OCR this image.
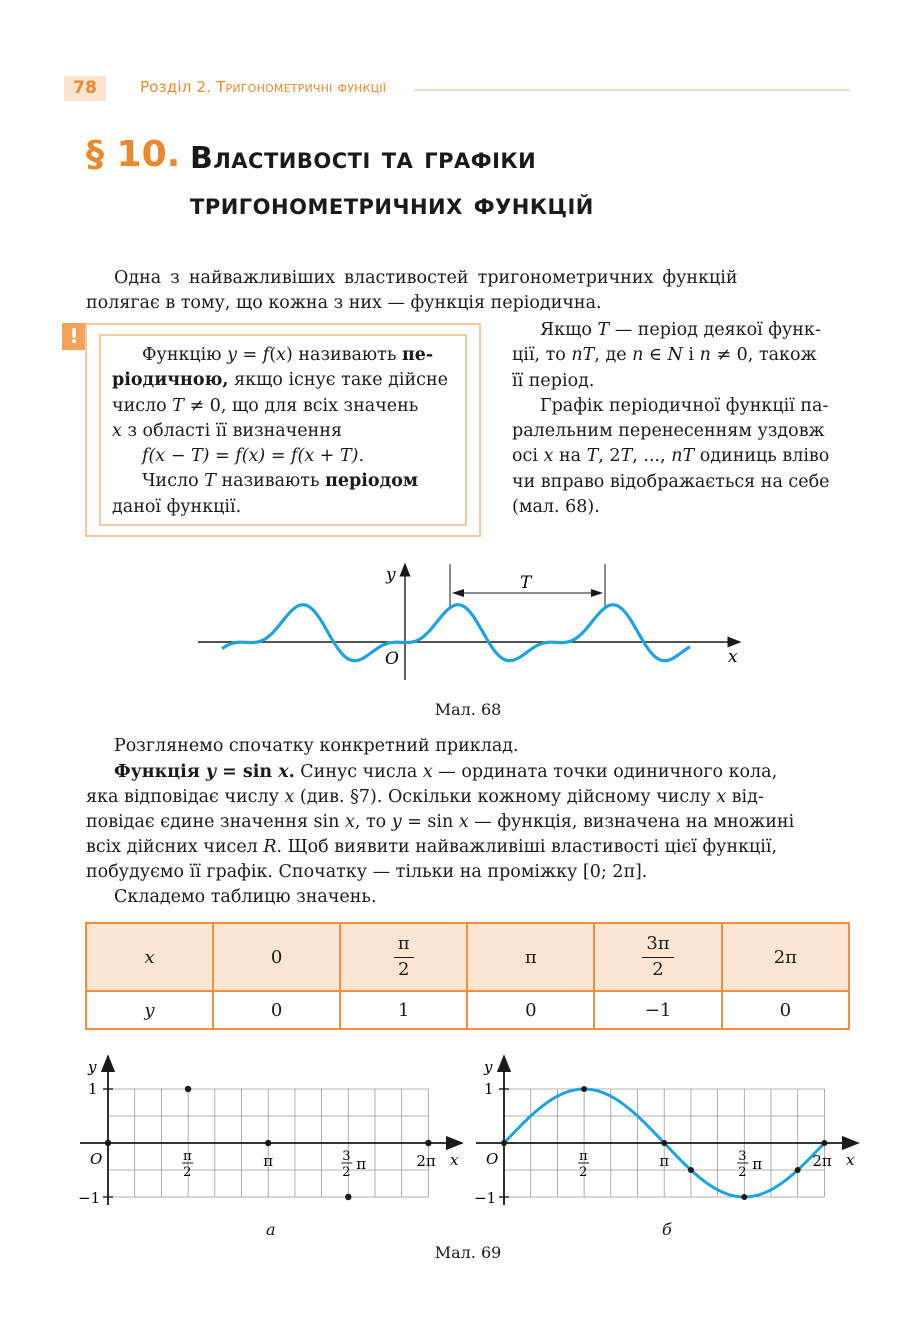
78	Розділ 2. Тригонометричні функції
§ 10. Властивості та графіки
тригонометричних функцій
Одна з найважливіших властивостей тригонометричних функцій
полягає в тому, що кожна з них — функція періодична.
!
Функцію y = f(x) називають пе-
ріодичною, якщо існує таке дійсне
число T ≠ 0, що для всіх значень
x з області її визначення
f(x − T) = f(x) = f(x + T).
Число T називають періодом
даної функції.
Якщо T — період деякої функ-
ції, то nT, де n ∈ N і n ≠ 0, також
її період.
Графік періодичної функції па-
ралельним перенесенням уздовж
осі x на T, 2T, ..., nT одиниць вліво
чи вправо відображається на себе
(мал. 68).
T
y
x
O
Мал. 68
Розглянемо спочатку конкретний приклад.
Функція y = sin x. Синус числа x — ордината точки одиничного кола,
яка відповідає числу x (див. §7). Оскільки кожному дійсному числу x від-
повідає єдине значення sin x, то y = sin x — функція, визначена на множині
всіх дійсних чисел R. Щоб виявити найважливіші властивості цієї функції,
побудуємо її графік. Спочатку — тільки на проміжку [0; 2π].
Складемо таблицю значень.
x	0	$\frac{\pi}{2}$	π	$\frac{3\pi}{2}$	2π
y	0	1	0	−1	0
y
x
O
1
−1
π
2
π	3
2 π	2π
y
x
O
1
−1
π
2
π	3
2 π	2π
а	б
Мал. 69
